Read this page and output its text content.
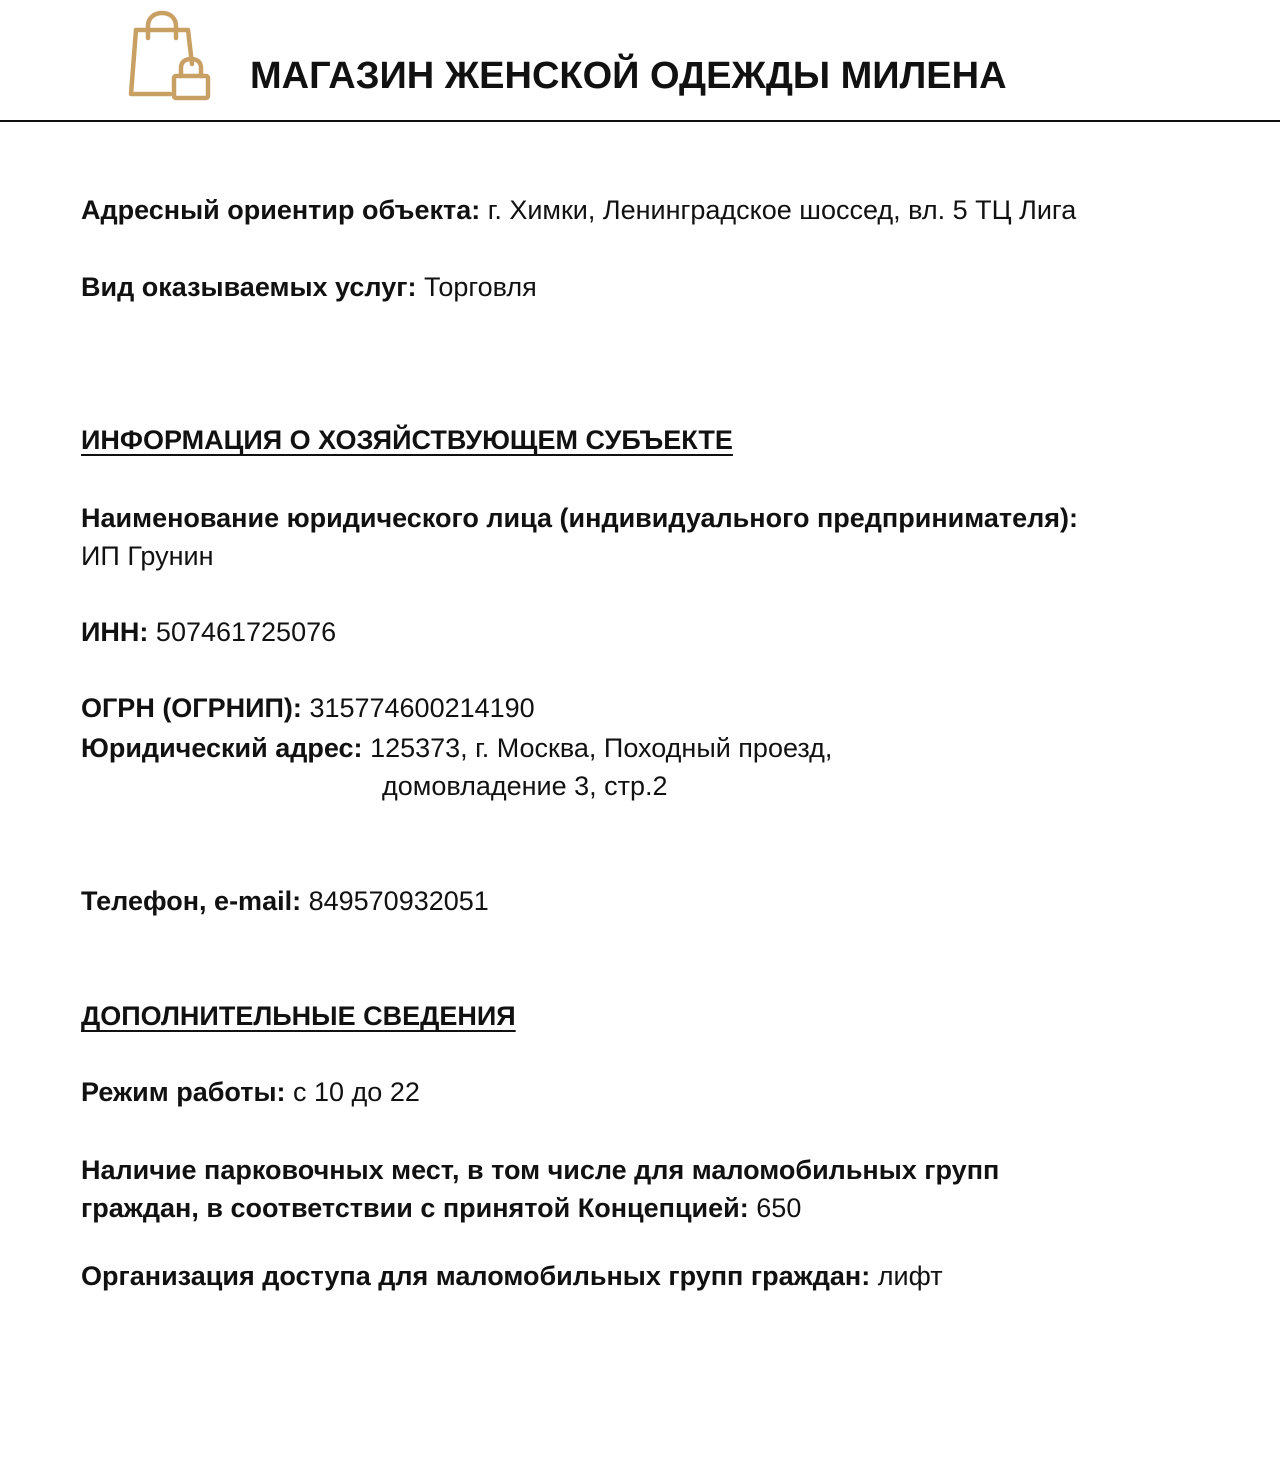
МАГАЗИН ЖЕНСКОЙ ОДЕЖДЫ МИЛЕНА
Адресный ориентир объекта: г. Химки, Ленинградское шоссед, вл. 5 ТЦ Лига
Вид оказываемых услуг: Торговля
ИНФОРМАЦИЯ О ХОЗЯЙСТВУЮЩЕМ СУБЪЕКТЕ
Наименование юридического лица (индивидуального предпринимателя):
ИП Грунин
ИНН: 507461725076
ОГРН (ОГРНИП): 315774600214190
Юридический адрес: 125373, г. Москва, Походный проезд,
домовладение 3, стр.2
Телефон, e-mail: 849570932051
ДОПОЛНИТЕЛЬНЫЕ СВЕДЕНИЯ
Режим работы: с 10 до 22
Наличие парковочных мест, в том числе для маломобильных групп
граждан, в соответствии с принятой Концепцией: 650
Организация доступа для маломобильных групп граждан: лифт
